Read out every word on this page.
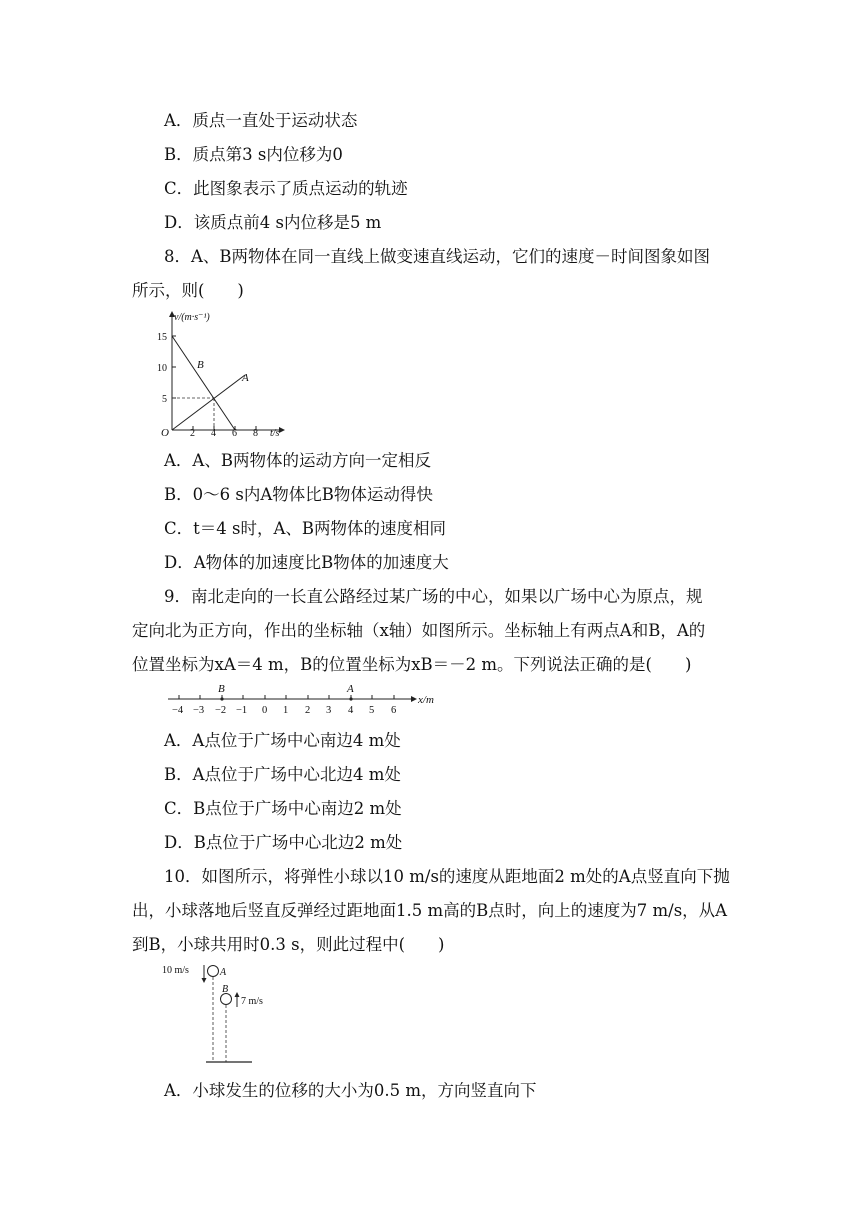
A．质点一直处于运动状态
B．质点第3 s内位移为0
C．此图象表示了质点运动的轨迹
D．该质点前4 s内位移是5 m
8．A、B两物体在同一直线上做变速直线运动，它们的速度－时间图象如图
所示，则(　　)
v/(m·s⁻¹)
t/s
O 2 4 6 8
5
10
15
A
B
A．A、B两物体的运动方向一定相反
B．0～6 s内A物体比B物体运动得快
C．t＝4 s时，A、B两物体的速度相同
D．A物体的加速度比B物体的加速度大
9．南北走向的一长直公路经过某广场的中心，如果以广场中心为原点，规
定向北为正方向，作出的坐标轴（x轴）如图所示。坐标轴上有两点A和B，A的
位置坐标为xA＝4 m，B的位置坐标为xB＝－2 m。下列说法正确的是(　　)
B	A
x/m
−4 −3 −2 −1 0 1 2 3 4 5 6
A．A点位于广场中心南边4 m处
B．A点位于广场中心北边4 m处
C．B点位于广场中心南边2 m处
D．B点位于广场中心北边2 m处
10．如图所示，将弹性小球以10 m/s的速度从距地面2 m处的A点竖直向下抛
出，小球落地后竖直反弹经过距地面1.5 m高的B点时，向上的速度为7 m/s，从A
到B，小球共用时0.3 s，则此过程中(　　)
10 m/s	A
B
7 m/s
A．小球发生的位移的大小为0.5 m，方向竖直向下
